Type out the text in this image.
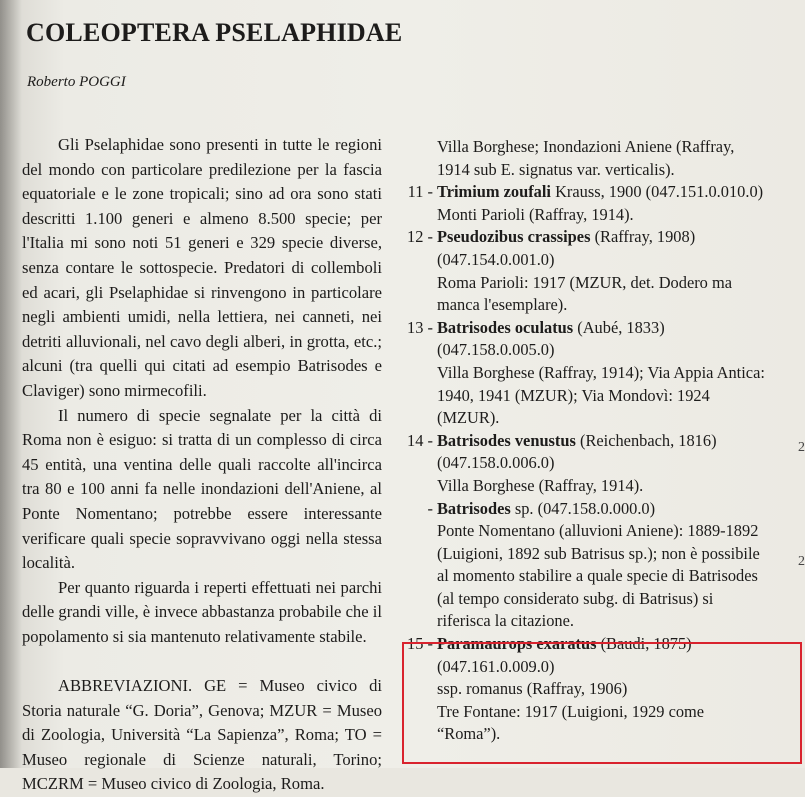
COLEOPTERA PSELAPHIDAE

Roberto POGGI

Gli Pselaphidae sono presenti in tutte le regioni del mondo con particolare predilezione per la fascia equatoriale e le zone tropicali; sino ad ora sono stati descritti 1.100 generi e almeno 8.500 specie; per l'Italia mi sono noti 51 generi e 329 specie diverse, senza contare le sottospecie. Predatori di collemboli ed acari, gli Pselaphidae si rinvengono in particolare negli ambienti umidi, nella lettiera, nei canneti, nei detriti alluvionali, nel cavo degli alberi, in grotta, etc.; alcuni (tra quelli qui citati ad esempio Batrisodes e Claviger) sono mirmecofili.

Il numero di specie segnalate per la città di Roma non è esiguo: si tratta di un complesso di circa 45 entità, una ventina delle quali raccolte all'incirca tra 80 e 100 anni fa nelle inondazioni dell'Aniene, al Ponte Nomentano; potrebbe essere interessante verificare quali specie sopravvivano oggi nella stessa località.

Per quanto riguarda i reperti effettuati nei parchi delle grandi ville, è invece abbastanza probabile che il popolamento si sia mantenuto relativamente stabile.

ABBREVIAZIONI. GE = Museo civico di Storia naturale “G. Doria”, Genova; MZUR = Museo di Zoologia, Università “La Sapienza”, Roma; TO = Museo regionale di Scienze naturali, Torino; MCZRM = Museo civico di Zoologia, Roma.

Villa Borghese; Inondazioni Aniene (Raffray,
1914 sub E. signatus var. verticalis).
11 - Trimium zoufali Krauss, 1900 (047.151.0.010.0)
Monti Parioli (Raffray, 1914).
12 - Pseudozibus crassipes (Raffray, 1908)
(047.154.0.001.0)
Roma Parioli: 1917 (MZUR, det. Dodero ma
manca l'esemplare).
13 - Batrisodes oculatus (Aubé, 1833)
(047.158.0.005.0)
Villa Borghese (Raffray, 1914); Via Appia Antica:
1940, 1941 (MZUR); Via Mondovì: 1924
(MZUR).
14 - Batrisodes venustus (Reichenbach, 1816)
(047.158.0.006.0)
Villa Borghese (Raffray, 1914).
- Batrisodes sp. (047.158.0.000.0)
Ponte Nomentano (alluvioni Aniene): 1889-1892
(Luigioni, 1892 sub Batrisus sp.); non è possibile
al momento stabilire a quale specie di Batrisodes
(al tempo considerato subg. di Batrisus) si
riferisca la citazione.
15 - Paramaurops exaratus (Baudi, 1875)
(047.161.0.009.0)
ssp. romanus (Raffray, 1906)
Tre Fontane: 1917 (Luigioni, 1929 come
“Roma”).
2
2
